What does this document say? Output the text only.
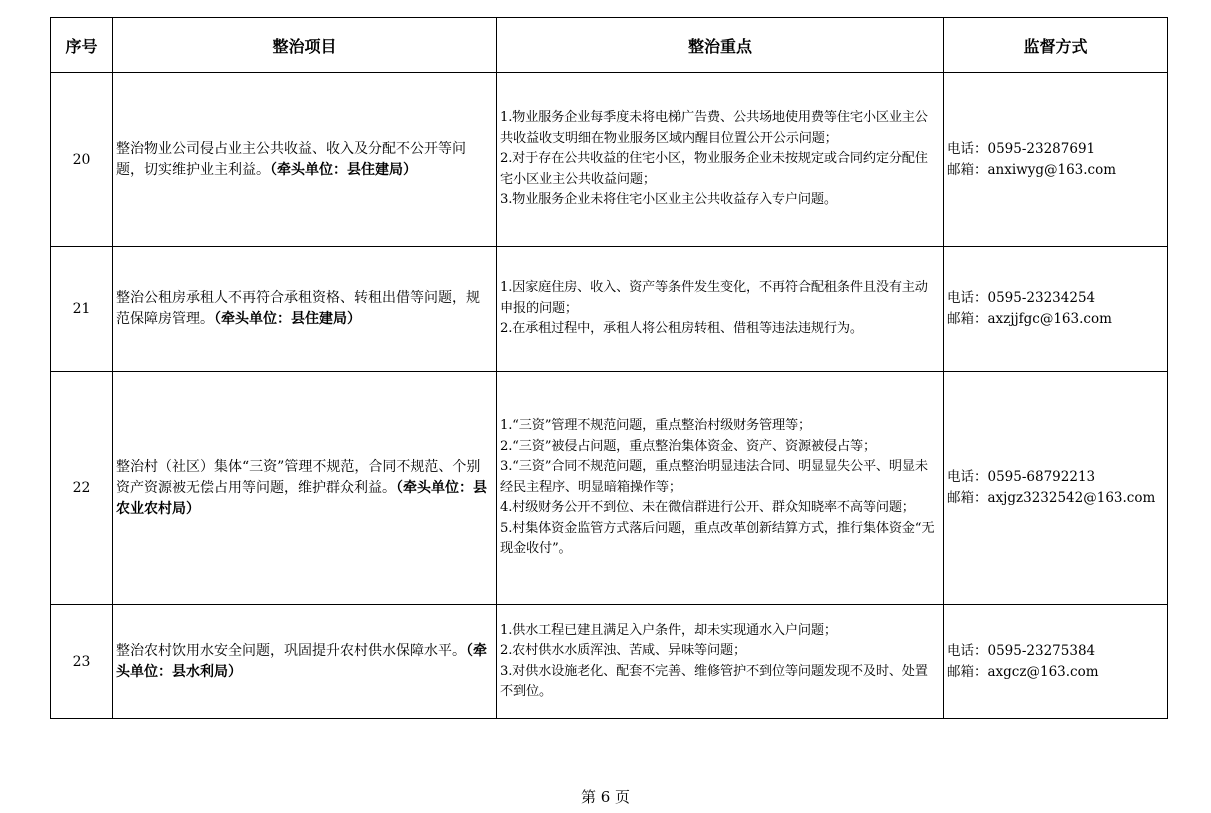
序号	整治项目	整治重点	监督方式
20	整治物业公司侵占业主公共收益、收入及分配不公开等问题，切实维护业主利益。（牵头单位：县住建局）	1.物业服务企业每季度未将电梯广告费、公共场地使用费等住宅小区业主公共收益收支明细在物业服务区域内醒目位置公开公示问题；
2.对于存在公共收益的住宅小区，物业服务企业未按规定或合同约定分配住宅小区业主公共收益问题；
3.物业服务企业未将住宅小区业主公共收益存入专户问题。	电话：0595-23287691
邮箱：anxiwyg@163.com

21	整治公租房承租人不再符合承租资格、转租出借等问题，规范保障房管理。（牵头单位：县住建局）	1.因家庭住房、收入、资产等条件发生变化，不再符合配租条件且没有主动申报的问题；
2.在承租过程中，承租人将公租房转租、借租等违法违规行为。	电话：0595-23234254
邮箱：axzjjfgc@163.com

22	整治村（社区）集体“三资”管理不规范，合同不规范、个别资产资源被无偿占用等问题，维护群众利益。（牵头单位：县农业农村局）	1.“三资”管理不规范问题，重点整治村级财务管理等；
2.“三资”被侵占问题，重点整治集体资金、资产、资源被侵占等；
3.“三资”合同不规范问题，重点整治明显违法合同、明显显失公平、明显未经民主程序、明显暗箱操作等；
4.村级财务公开不到位、未在微信群进行公开、群众知晓率不高等问题；
5.村集体资金监管方式落后问题，重点改革创新结算方式，推行集体资金“无现金收付”。	电话：0595-68792213
邮箱：axjgz3232542@163.com

23	整治农村饮用水安全问题，巩固提升农村供水保障水平。（牵头单位：县水利局）	1.供水工程已建且满足入户条件，却未实现通水入户问题；
2.农村供水水质浑浊、苦咸、异味等问题；
3.对供水设施老化、配套不完善、维修管护不到位等问题发现不及时、处置不到位。	电话：0595-23275384
邮箱：axgcz@163.com
第 6 页
